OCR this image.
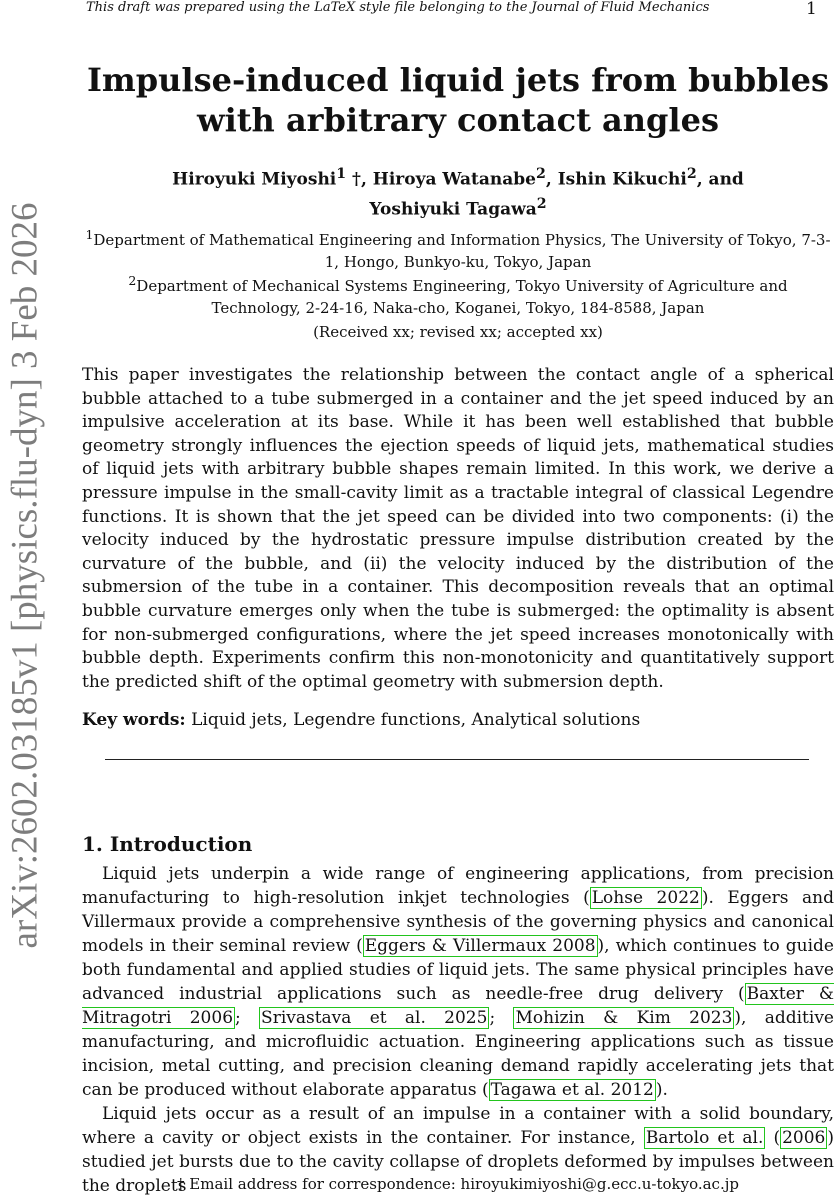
This draft was prepared using the LaTeX style file belonging to the Journal of Fluid Mechanics	1
arXiv:2602.03185v1 [physics.flu-dyn] 3 Feb 2026
Impulse-induced liquid jets from bubbles
with arbitrary contact angles
Hiroyuki Miyoshi$^1$ †, Hiroya Watanabe$^2$, Ishin Kikuchi$^2$, and
Yoshiyuki Tagawa$^2$
$^1$Department of Mathematical Engineering and Information Physics, The University of Tokyo, 7-3-1, Hongo, Bunkyo-ku, Tokyo, Japan
$^2$Department of Mechanical Systems Engineering, Tokyo University of Agriculture and Technology, 2-24-16, Naka-cho, Koganei, Tokyo, 184-8588, Japan
(Received xx; revised xx; accepted xx)

This paper investigates the relationship between the contact angle of a spherical bubble attached to a tube submerged in a container and the jet speed induced by an impulsive acceleration at its base. While it has been well established that bubble geometry strongly influences the ejection speeds of liquid jets, mathematical studies of liquid jets with arbitrary bubble shapes remain limited. In this work, we derive a pressure impulse in the small-cavity limit as a tractable integral of classical Legendre functions. It is shown that the jet speed can be divided into two components: (i) the velocity induced by the hydrostatic pressure impulse distribution created by the curvature of the bubble, and (ii) the velocity induced by the distribution of the submersion of the tube in a container. This decomposition reveals that an optimal bubble curvature emerges only when the tube is submerged: the optimality is absent for non-submerged configurations, where the jet speed increases monotonically with bubble depth. Experiments confirm this non-monotonicity and quantitatively support the predicted shift of the optimal geometry with submersion depth.

Key words: Liquid jets, Legendre functions, Analytical solutions
1. Introduction

Liquid jets underpin a wide range of engineering applications, from precision manufacturing to high-resolution inkjet technologies ( Lohse 2022 ). Eggers and Villermaux provide a comprehensive synthesis of the governing physics and canonical models in their seminal review ( Eggers & Villermaux 2008 ), which continues to guide both fundamental and applied studies of liquid jets. The same physical principles have advanced industrial applications such as needle-free drug delivery ( Baxter & Mitragotri 2006 ; Srivastava et al. 2025 ; Mohizin & Kim 2023 ), additive manufacturing, and microfluidic actuation. Engineering applications such as tissue incision, metal cutting, and precision cleaning demand rapidly accelerating jets that can be produced without elaborate apparatus ( Tagawa et al. 2012 ).

Liquid jets occur as a result of an impulse in a container with a solid boundary, where a cavity or object exists in the container. For instance, Bartolo et al. ( 2006 ) studied jet bursts due to the cavity collapse of droplets deformed by impulses between the droplets

† Email address for correspondence: hiroyukimiyoshi@g.ecc.u-tokyo.ac.jp
